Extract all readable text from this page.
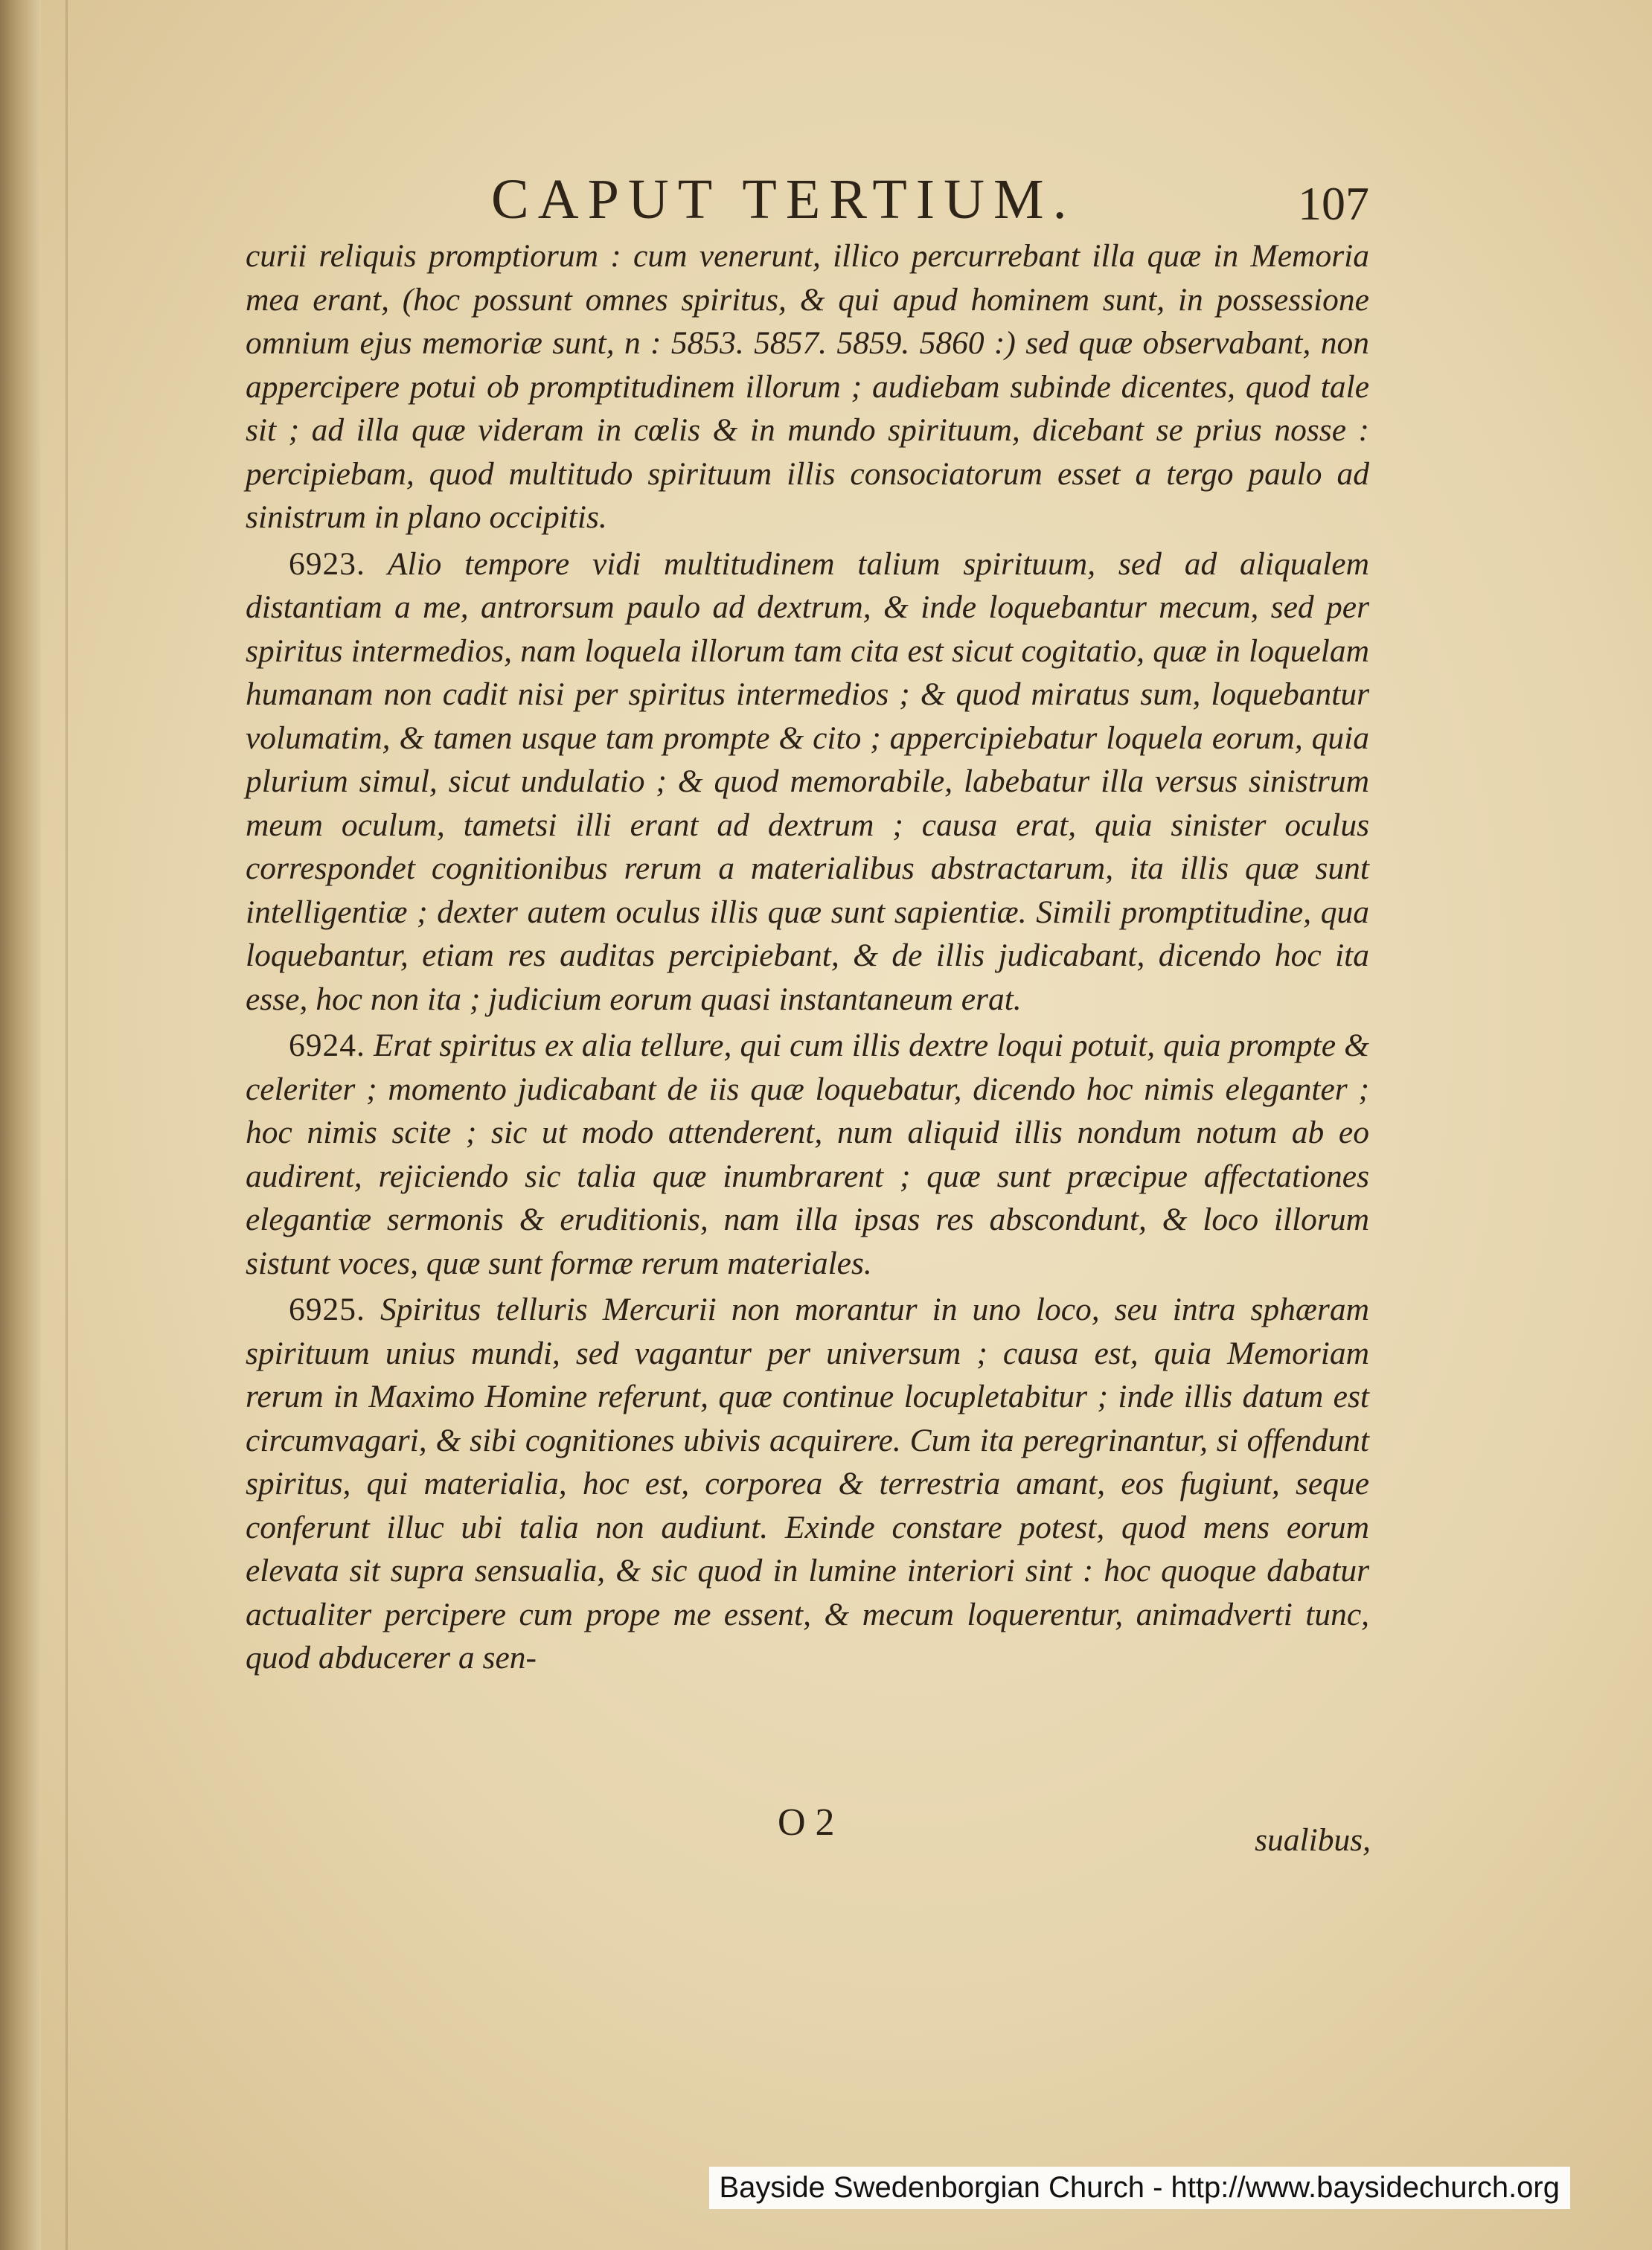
CAPUT TERTIUM.	107

curii reliquis promptiorum : cum venerunt, illico percurrebant illa quæ in Memoria mea erant, (hoc possunt omnes spiritus, & qui apud hominem sunt, in possessione omnium ejus memoriæ sunt, n : 5853. 5857. 5859. 5860 :) sed quæ observabant, non appercipere potui ob promptitudinem illorum ; audiebam subinde dicentes, quod tale sit ; ad illa quæ videram in cœlis & in mundo spirituum, dicebant se prius nosse : percipiebam, quod multitudo spirituum illis consociatorum esset a tergo paulo ad sinistrum in plano occipitis.

6923. Alio tempore vidi multitudinem talium spirituum, sed ad aliqualem distantiam a me, antrorsum paulo ad dextrum, & inde loquebantur mecum, sed per spiritus intermedios, nam loquela illorum tam cita est sicut cogitatio, quæ in loquelam humanam non cadit nisi per spiritus intermedios ; & quod miratus sum, loquebantur volumatim, & tamen usque tam prompte & cito ; appercipiebatur loquela eorum, quia plurium simul, sicut undulatio ; & quod memorabile, labebatur illa versus sinistrum meum oculum, tametsi illi erant ad dextrum ; causa erat, quia sinister oculus correspondet cognitionibus rerum a materialibus abstractarum, ita illis quæ sunt intelligentiæ ; dexter autem oculus illis quæ sunt sapientiæ. Simili promptitudine, qua loquebantur, etiam res auditas percipiebant, & de illis judicabant, dicendo hoc ita esse, hoc non ita ; judicium eorum quasi instantaneum erat.

6924. Erat spiritus ex alia tellure, qui cum illis dextre loqui potuit, quia prompte & celeriter ; momento judicabant de iis quæ loquebatur, dicendo hoc nimis eleganter ; hoc nimis scite ; sic ut modo attenderent, num aliquid illis nondum notum ab eo audirent, rejiciendo sic talia quæ inumbrarent ; quæ sunt præcipue affectationes elegantiæ sermonis & eruditionis, nam illa ipsas res abscondunt, & loco illorum sistunt voces, quæ sunt formæ rerum materiales.

6925. Spiritus telluris Mercurii non morantur in uno loco, seu intra sphæram spirituum unius mundi, sed vagantur per universum ; causa est, quia Memoriam rerum in Maximo Homine referunt, quæ continue locupletabitur ; inde illis datum est circumvagari, & sibi cognitiones ubivis acquirere. Cum ita peregrinantur, si offendunt spiritus, qui materialia, hoc est, corporea & terrestria amant, eos fugiunt, seque conferunt illuc ubi talia non audiunt. Exinde constare potest, quod mens eorum elevata sit supra sensualia, & sic quod in lumine interiori sint : hoc quoque dabatur actualiter percipere cum prope me essent, & mecum loquerentur, animadverti tunc, quod abducerer a sen-

O 2	sualibus,
Bayside Swedenborgian Church - http://www.baysidechurch.org
